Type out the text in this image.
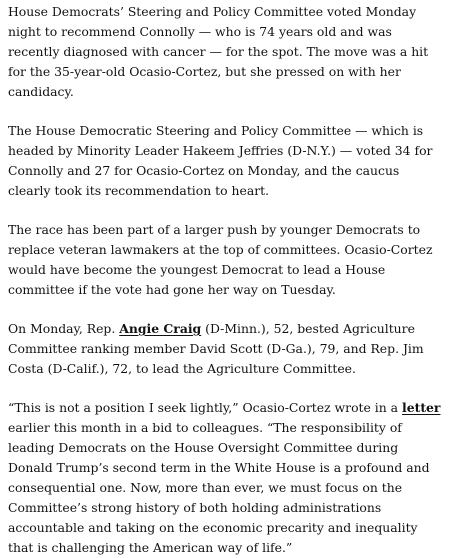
House Democrats’ Steering and Policy Committee voted Monday night to recommend Connolly — who is 74 years old and was recently diagnosed with cancer — for the spot. The move was a hit for the 35-year-old Ocasio-Cortez, but she pressed on with her candidacy.

The House Democratic Steering and Policy Committee — which is headed by Minority Leader Hakeem Jeffries (D-N.Y.) — voted 34 for Connolly and 27 for Ocasio-Cortez on Monday, and the caucus clearly took its recommendation to heart.

The race has been part of a larger push by younger Democrats to replace veteran lawmakers at the top of committees. Ocasio-Cortez would have become the youngest Democrat to lead a House committee if the vote had gone her way on Tuesday.

On Monday, Rep. Angie Craig (D-Minn.), 52, bested Agriculture Committee ranking member David Scott (D-Ga.), 79, and Rep. Jim Costa (D-Calif.), 72, to lead the Agriculture Committee.

“This is not a position I seek lightly,” Ocasio-Cortez wrote in a letter earlier this month in a bid to colleagues. “The responsibility of leading Democrats on the House Oversight Committee during Donald Trump’s second term in the White House is a profound and consequential one. Now, more than ever, we must focus on the Committee’s strong history of both holding administrations accountable and taking on the economic precarity and inequality that is challenging the American way of life.”
